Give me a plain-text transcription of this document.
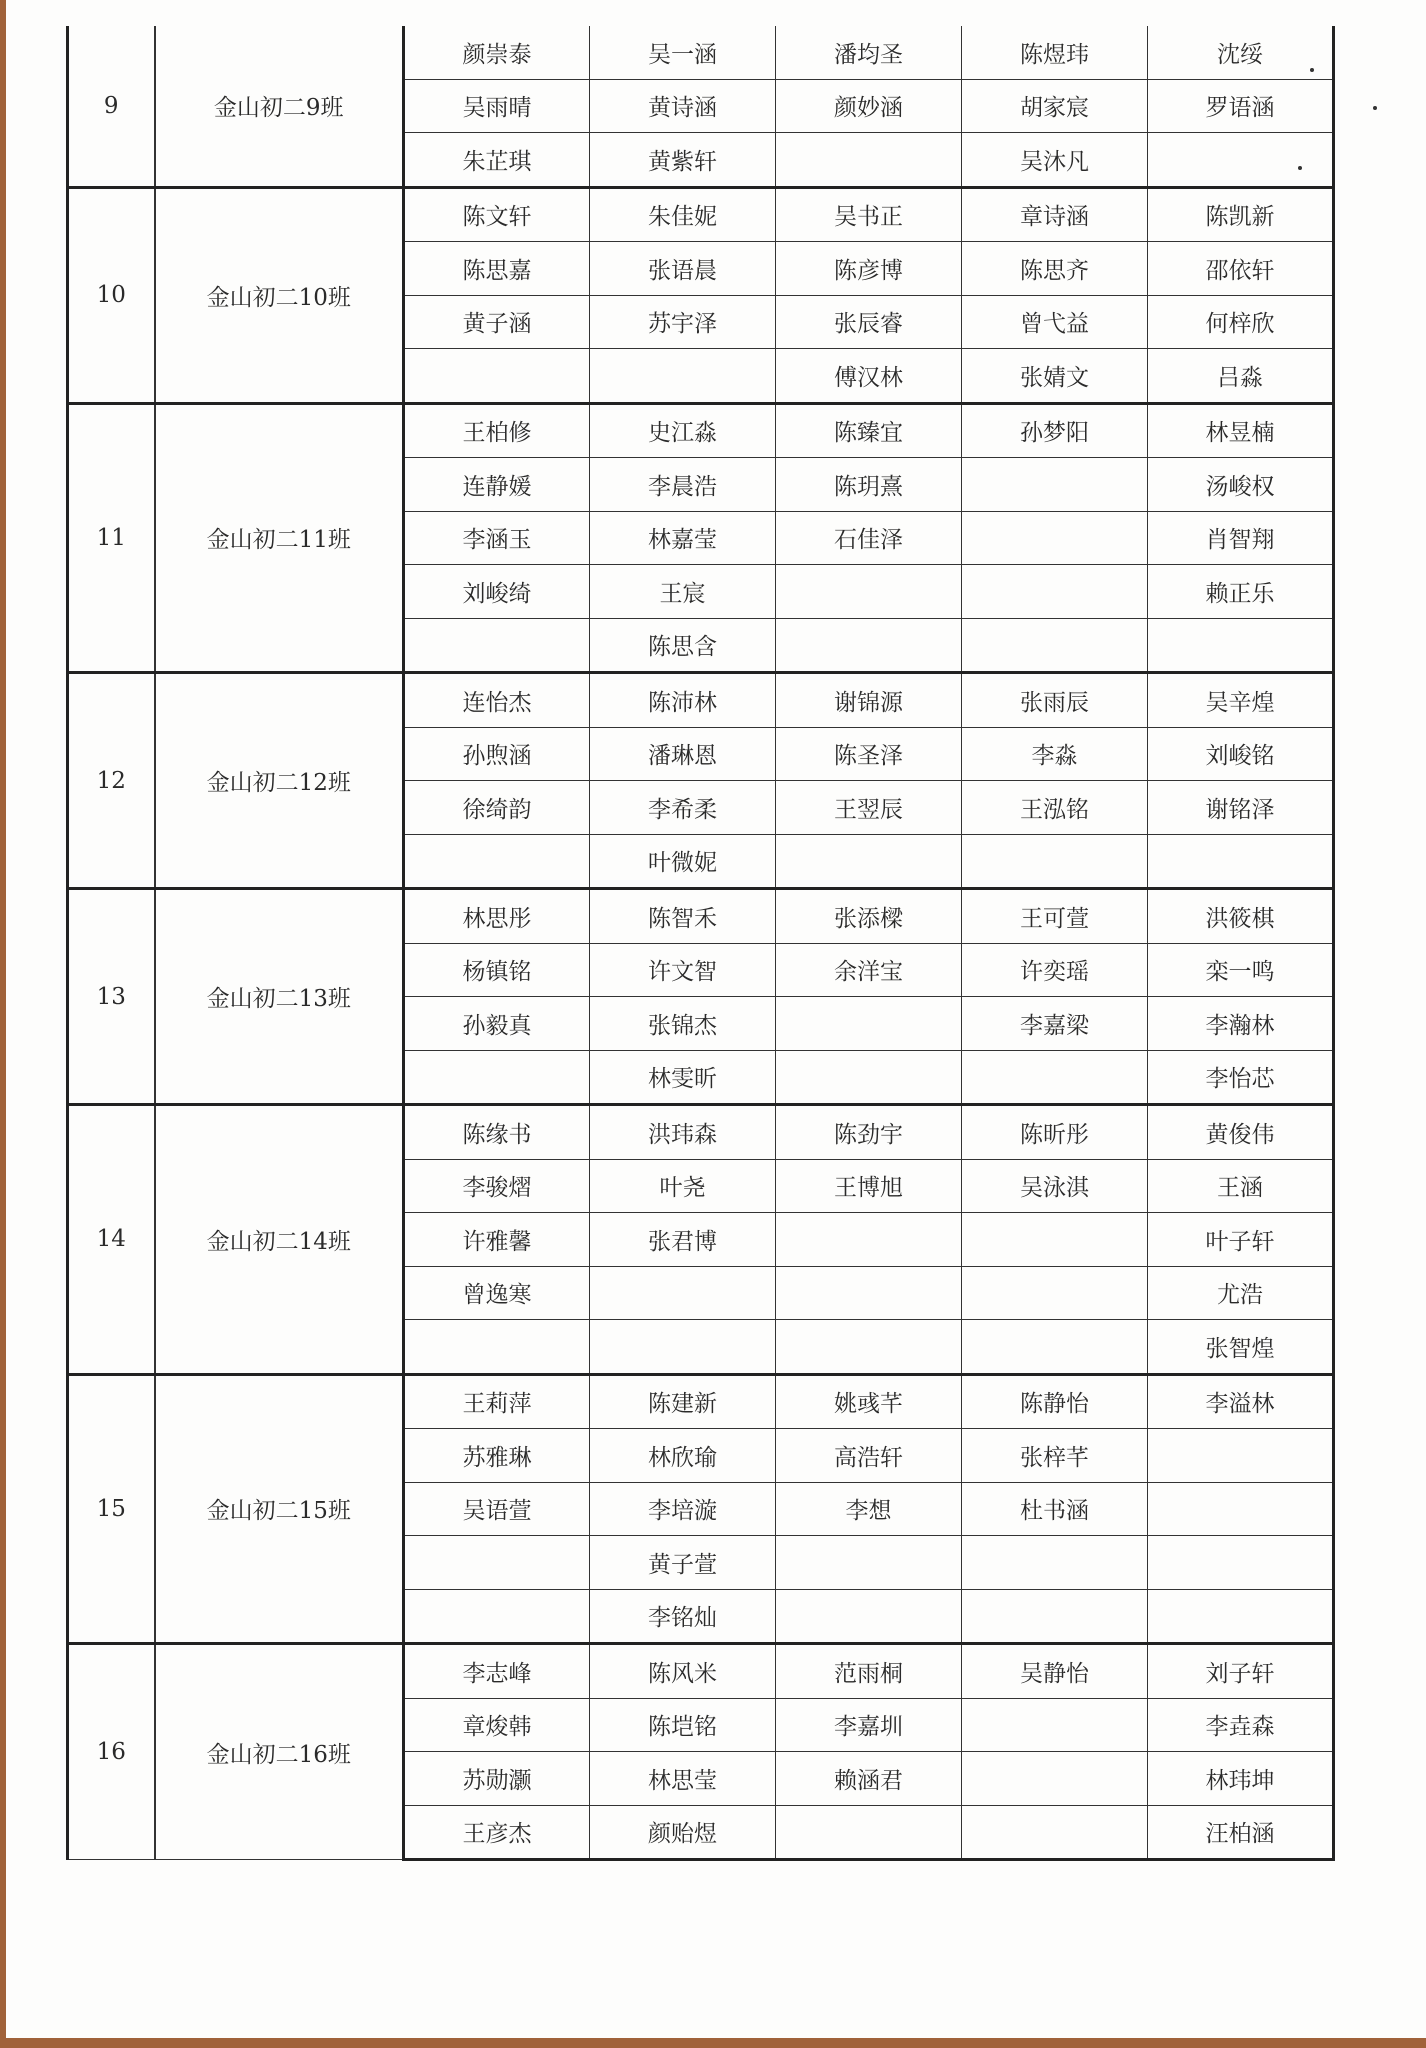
9	金山初二9班	颜崇泰	吴一涵	潘均圣	陈煜玮	沈绥
		吴雨晴	黄诗涵	颜妙涵	胡家宸	罗语涵
		朱芷琪	黄紫轩		吴沐凡	
10	金山初二10班	陈文轩	朱佳妮	吴书正	章诗涵	陈凯新
		陈思嘉	张语晨	陈彦博	陈思齐	邵依轩
		黄子涵	苏宇泽	张辰睿	曾弋益	何梓欣
				傅汉林	张婧文	吕淼
11	金山初二11班	王柏修	史江淼	陈臻宜	孙梦阳	林昱楠
		连静媛	李晨浩	陈玥熹		汤峻权
		李涵玉	林嘉莹	石佳泽		肖智翔
		刘峻绮	王宸			赖正乐
			陈思含			
12	金山初二12班	连怡杰	陈沛林	谢锦源	张雨辰	吴辛煌
		孙煦涵	潘琳恩	陈圣泽	李淼	刘峻铭
		徐绮韵	李希柔	王翌辰	王泓铭	谢铭泽
			叶微妮			
13	金山初二13班	林思彤	陈智禾	张添樑	王可萱	洪筱棋
		杨镇铭	许文智	余洋宝	许奕瑶	栾一鸣
		孙毅真	张锦杰		李嘉梁	李瀚林
			林雯昕			李怡芯
14	金山初二14班	陈缘书	洪玮森	陈劲宇	陈昕彤	黄俊伟
		李骏熠	叶尧	王博旭	吴泳淇	王涵
		许雅馨	张君博			叶子轩
		曾逸寒				尤浩
						张智煌
15	金山初二15班	王莉萍	陈建新	姚彧芊	陈静怡	李溢林
		苏雅琳	林欣瑜	高浩轩	张梓芊	
		吴语萱	李培漩	李想	杜书涵	
			黄子萱			
			李铭灿			
16	金山初二16班	李志峰	陈风米	范雨桐	吴静怡	刘子轩
		章焌韩	陈垲铭	李嘉圳		李垚森
		苏勋灏	林思莹	赖涵君		林玮坤
		王彦杰	颜贻煜			汪柏涵
